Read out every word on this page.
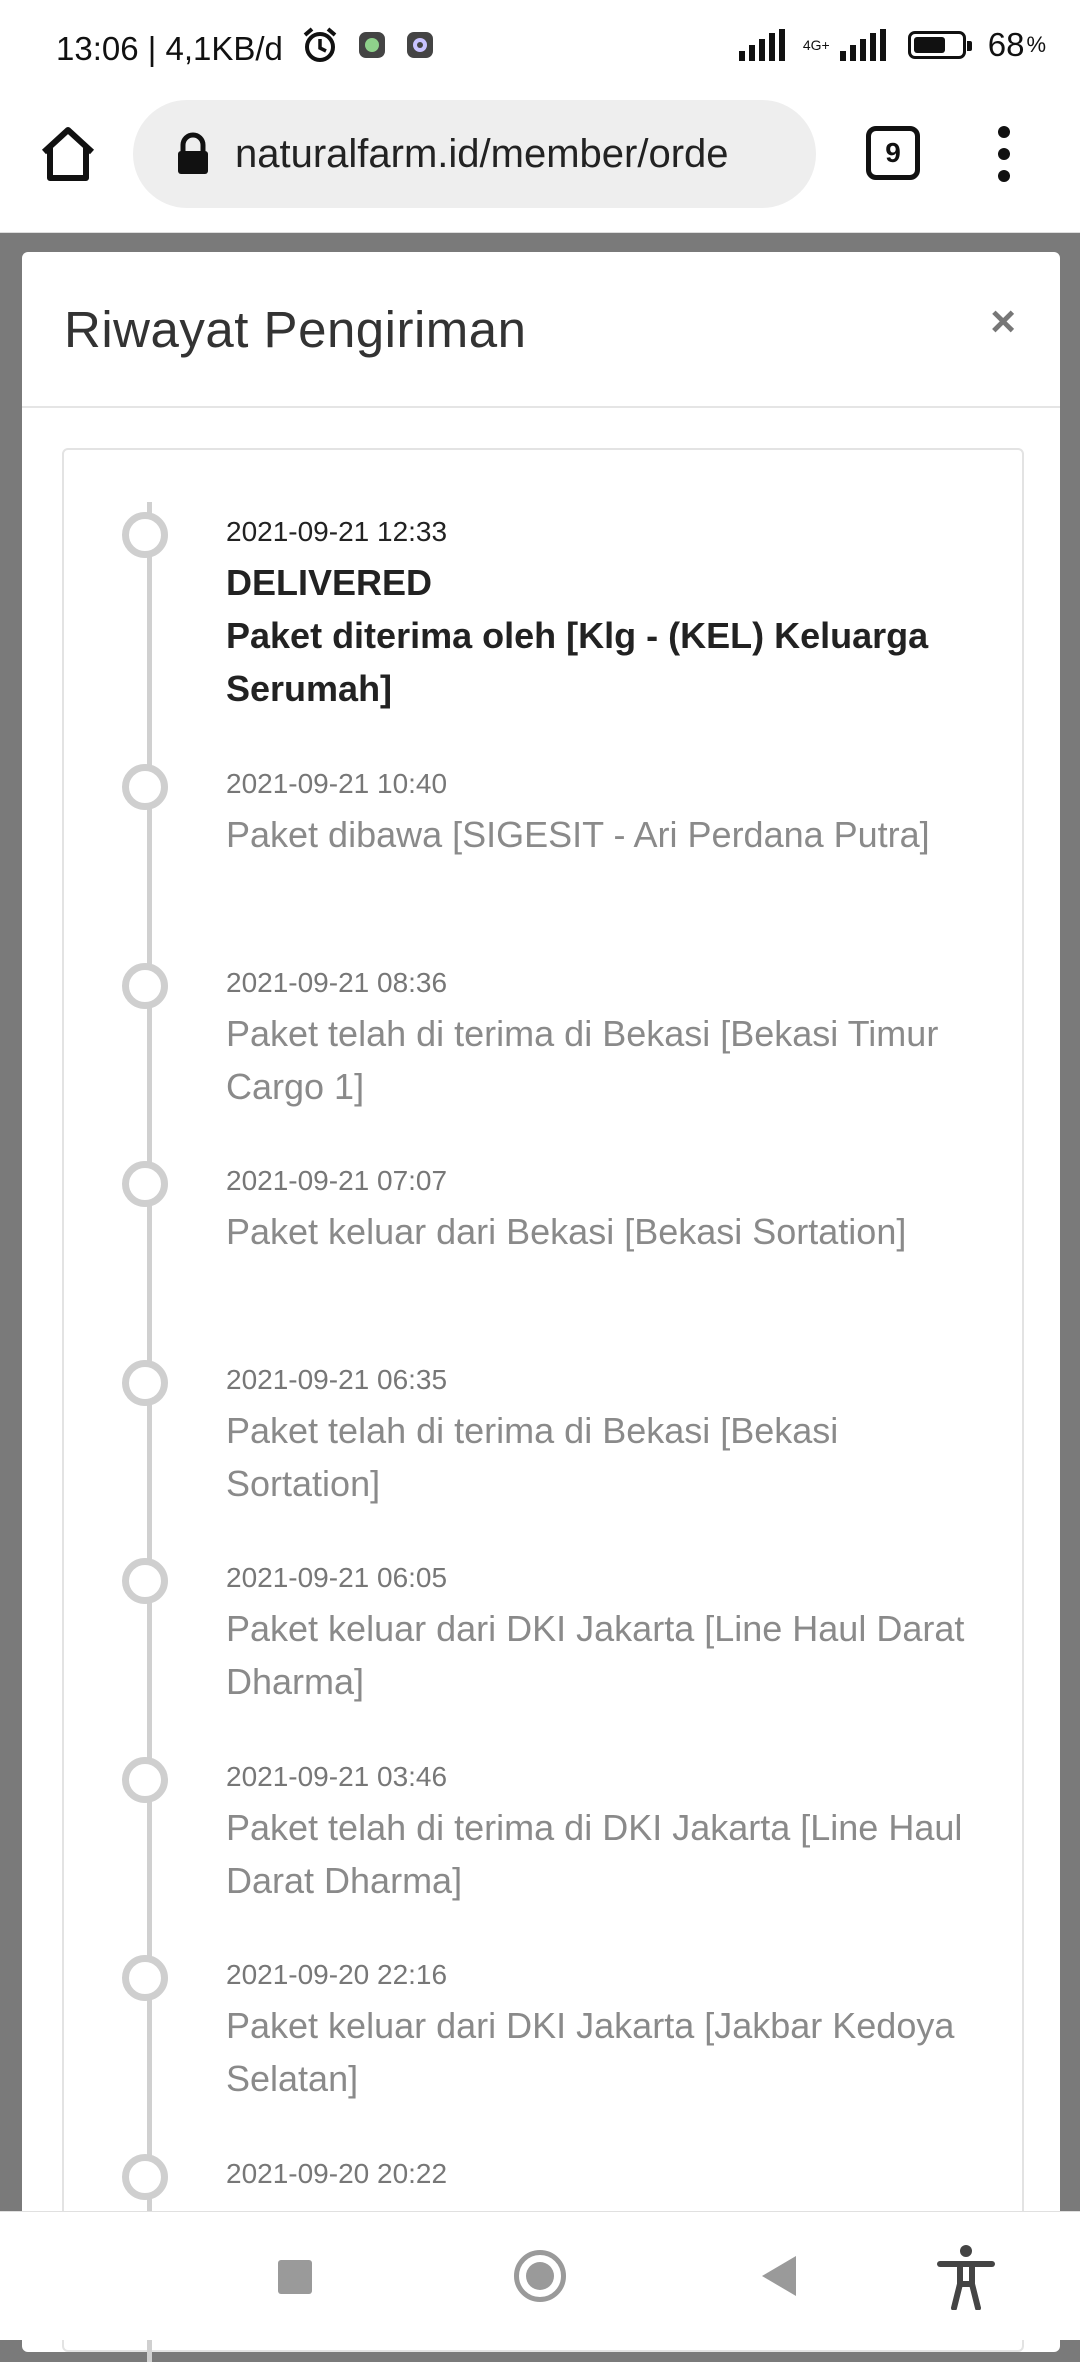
13:06 | 4,1KB/d	4G+	68 %
naturalfarm.id/member/orde	9
Riwayat Pengiriman	×
2021-09-21 12:33
DELIVERED
Paket diterima oleh [Klg - (KEL) Keluarga Serumah]
2021-09-21 10:40
Paket dibawa [SIGESIT - Ari Perdana Putra]
2021-09-21 08:36
Paket telah di terima di Bekasi [Bekasi Timur Cargo 1]
2021-09-21 07:07
Paket keluar dari Bekasi [Bekasi Sortation]
2021-09-21 06:35
Paket telah di terima di Bekasi [Bekasi Sortation]
2021-09-21 06:05
Paket keluar dari DKI Jakarta [Line Haul Darat Dharma]
2021-09-21 03:46
Paket telah di terima di DKI Jakarta [Line Haul Darat Dharma]
2021-09-20 22:16
Paket keluar dari DKI Jakarta [Jakbar Kedoya Selatan]
2021-09-20 20:22
